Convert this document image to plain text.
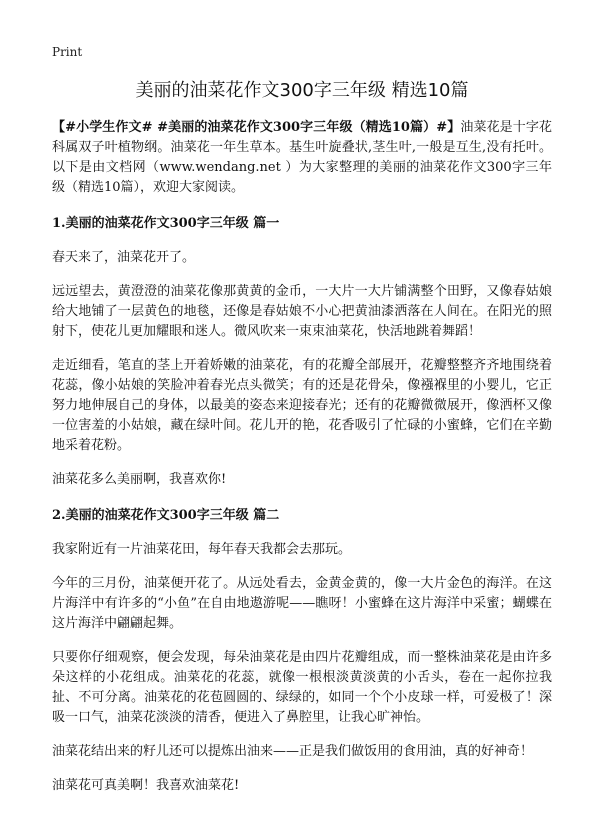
Print
美丽的油菜花作文300字三年级 精选10篇

【#小学生作文# #美丽的油菜花作文300字三年级（精选10篇）#】油菜花是十字花科属双子叶植物纲。油菜花一年生草本。基生叶旋叠状,茎生叶,一般是互生,没有托叶。以下是由文档网（www.wendang.net ）为大家整理的美丽的油菜花作文300字三年级（精选10篇），欢迎大家阅读。

1.美丽的油菜花作文300字三年级 篇一

春天来了，油菜花开了。

远远望去，黄澄澄的油菜花像那黄黄的金币，一大片一大片铺满整个田野，又像春姑娘给大地铺了一层黄色的地毯，还像是春姑娘不小心把黄油漆洒落在人间在。在阳光的照射下，使花儿更加耀眼和迷人。微风吹来一束束油菜花，快活地跳着舞蹈！

走近细看，笔直的茎上开着娇嫩的油菜花，有的花瓣全部展开，花瓣整整齐齐地围绕着花蕊，像小姑娘的笑脸冲着春光点头微笑；有的还是花骨朵，像襁褓里的小婴儿，它正努力地伸展自己的身体，以最美的姿态来迎接春光；还有的花瓣微微展开，像洒杯又像一位害羞的小姑娘，藏在绿叶间。花儿开的艳，花香吸引了忙碌的小蜜蜂，它们在辛勤地采着花粉。

油菜花多么美丽啊，我喜欢你!

2.美丽的油菜花作文300字三年级 篇二

我家附近有一片油菜花田，每年春天我都会去那玩。

今年的三月份，油菜便开花了。从远处看去，金黄金黄的，像一大片金色的海洋。在这片海洋中有许多的“小鱼”在自由地遨游呢——瞧呀！小蜜蜂在这片海洋中采蜜；蝴蝶在这片海洋中翩翩起舞。

只要你仔细观察，便会发现，每朵油菜花是由四片花瓣组成，而一整株油菜花是由许多朵这样的小花组成。油菜花的花蕊，就像一根根淡黄淡黄的小舌头，卷在一起你拉我扯、不可分离。油菜花的花苞圆圆的、绿绿的，如同一个个小皮球一样，可爱极了！深吸一口气，油菜花淡淡的清香，便进入了鼻腔里，让我心旷神怡。

油菜花结出来的籽儿还可以提炼出油来——正是我们做饭用的食用油，真的好神奇！

油菜花可真美啊！我喜欢油菜花!
